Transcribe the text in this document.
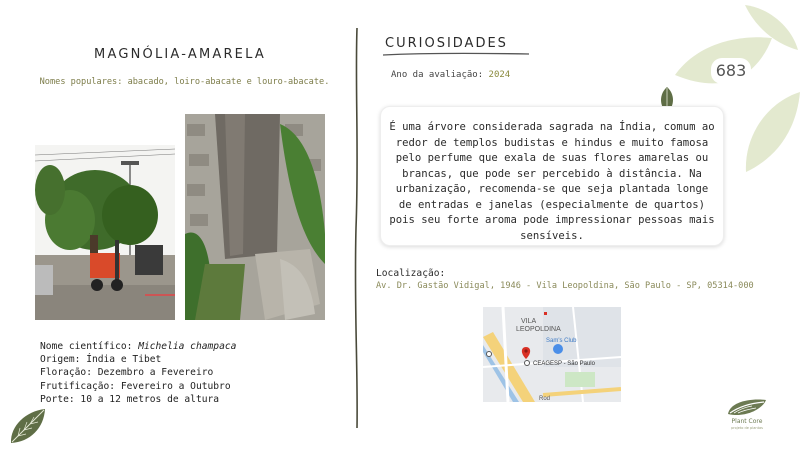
MAGNÓLIA-AMARELA
Nomes populares: abacado, loiro-abacate e louro-abacate.
Nome científico: Michelia champaca
Origem: Índia e Tibet
Floração: Dezembro a Fevereiro
Frutificação: Fevereiro a Outubro
Porte: 10 a 12 metros de altura
CURIOSIDADES
Ano da avaliação: 2024	683

É uma árvore considerada sagrada na Índia, comum ao redor de templos budistas e hindus e muito famosa pelo perfume que exala de suas flores amarelas ou brancas, que pode ser percebido à distância. Na urbanização, recomenda-se que seja plantada longe de entradas e janelas (especialmente de quartos) pois seu forte aroma pode impressionar pessoas mais sensíveis.

Localização:
Av. Dr. Gastão Vidigal, 1946 - Vila Leopoldina, São Paulo - SP, 05314-000
VILA
LEOPOLDINA
Sam's Club
CEAGESP - São Paulo
Rod
Plant Core
projeto de plantas
